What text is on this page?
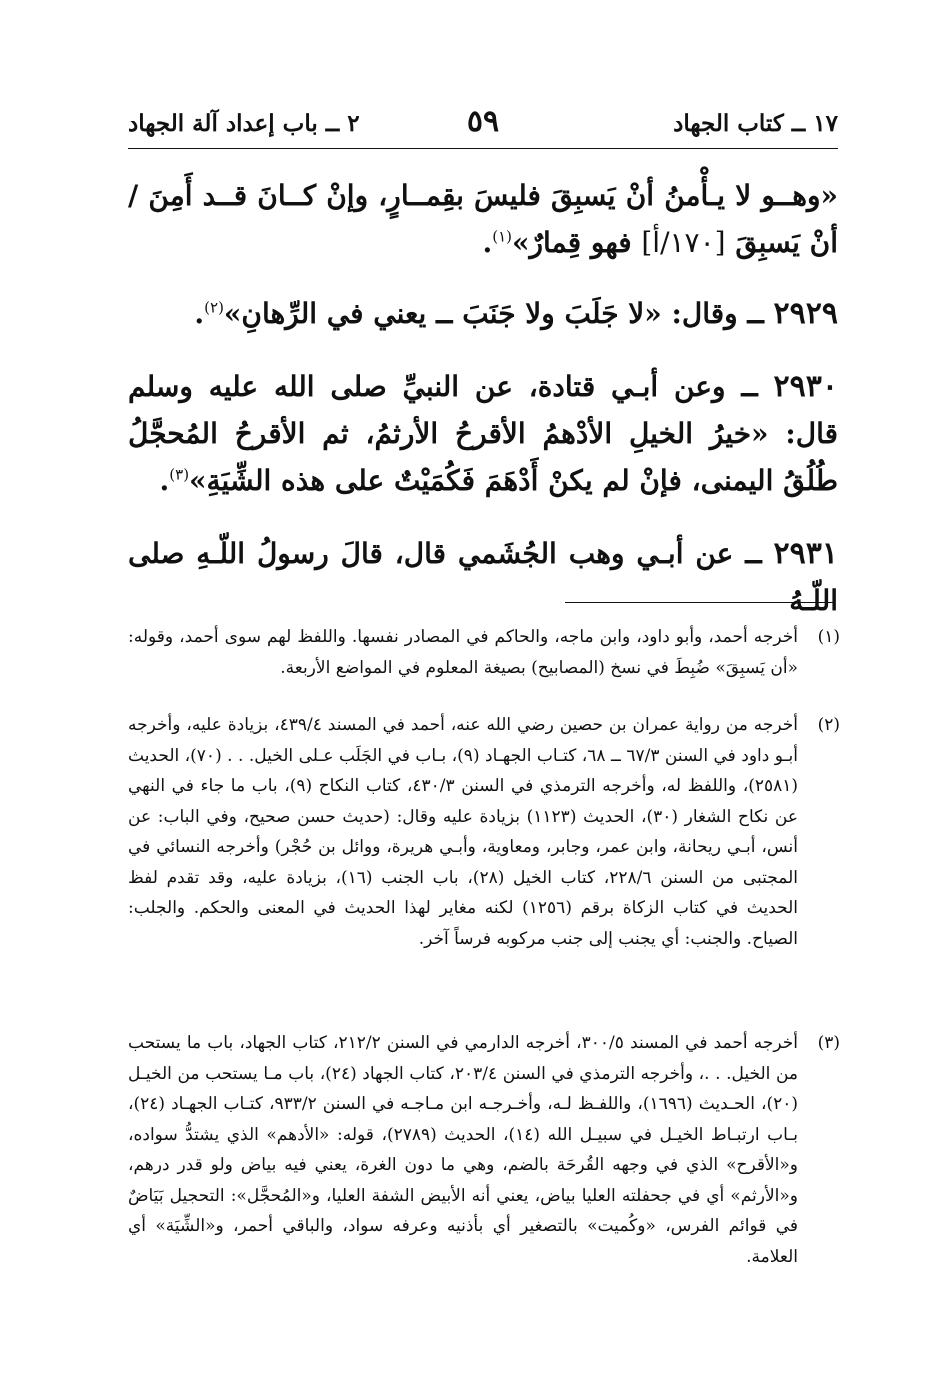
١٧ ــ كتاب الجهاد
٥٩
٢ ــ باب إعداد آلة الجهاد
«وهــو لا يـأْمنُ أنْ يَسبِقَ فليسَ بقِمــارٍ، وإنْ كــانَ قــد أَمِنَ / أنْ يَسبِقَ [١٧٠/أ] فهو قِمارٌ»$^{(١)}$.
٢٩٢٩ ــ وقال: «لا جَلَبَ ولا جَنَبَ ــ يعني في الرِّهانِ»$^{(٢)}$.
٢٩٣٠ ــ وعن أبـي قتادة، عن النبيِّ صلى الله عليه وسلم قال: «خيرُ الخيلِ الأدْهمُ الأقرحُ الأرثمُ، ثم الأقرحُ المُحجَّلُ طُلُقُ اليمنى، فإنْ لم يكنْ أَدْهَمَ فَكُمَيْتٌ على هذه الشِّيَةِ»$^{(٣)}$.
٢٩٣١ ــ عن أبـي وهب الجُشَمي قال، قالَ رسولُ اللّـهِ صلى اللّـهُ
(١)
أخرجه أحمد، وأبو داود، وابن ماجه، والحاكم في المصادر نفسها. واللفظ لهم سوى أحمد، وقوله: «أن يَسبِقَ» ضُبِطَ في نسخ (المصابيح) بصيغة المعلوم في المواضع الأربعة.
(٢)
أخرجه من رواية عمران بن حصين رضي الله عنه، أحمد في المسند ٤٣٩/٤، بزيادة عليه، وأخرجه أبـو داود في السنن ٦٧/٣ ــ ٦٨، كتـاب الجهـاد (٩)، بـاب في الجَلَب عـلى الخيل. . . (٧٠)، الحديث (٢٥٨١)، واللفظ له، وأخرجه الترمذي في السنن ٤٣٠/٣، كتاب النكاح (٩)، باب ما جاء في النهي عن نكاح الشغار (٣٠)، الحديث (١١٢٣) بزيادة عليه وقال: (حديث حسن صحيح، وفي الباب: عن أنس، أبـي ريحانة، وابن عمر، وجابر، ومعاوية، وأبـي هريرة، ووائل بن حُجْر) وأخرجه النسائي في المجتبى من السنن ٢٢٨/٦، كتاب الخيل (٢٨)، باب الجنب (١٦)، بزيادة عليه، وقد تقدم لفظ الحديث في كتاب الزكاة برقم (١٢٥٦) لكنه مغاير لهذا الحديث في المعنى والحكم. والجلب: الصياح. والجنب: أي يجنب إلى جنب مركوبه فرساً آخر.
(٣)
أخرجه أحمد في المسند ٣٠٠/٥، أخرجه الدارمي في السنن ٢١٢/٢، كتاب الجهاد، باب ما يستحب من الخيل. . .، وأخرجه الترمذي في السنن ٢٠٣/٤، كتاب الجهاد (٢٤)، باب مـا يستحب من الخيـل (٢٠)، الحـديث (١٦٩٦)، واللفـظ لـه، وأخـرجـه ابن مـاجـه في السنن ٩٣٣/٢، كتـاب الجهـاد (٢٤)، بـاب ارتبـاط الخيـل في سبيـل الله (١٤)، الحديث (٢٧٨٩)، قوله: «الأدهم» الذي يشتدُّ سواده، و«الأقرح» الذي في وجهه القُرحَة بالضم، وهي ما دون الغرة، يعني فيه بياض ولو قدر درهم، و«الأرثم» أي في جحفلته العليا بياض، يعني أنه الأبيض الشفة العليا، و«المُحجَّل»: التحجيل بَيَاضٌ في قوائم الفرس، «وكُميت» بالتصغير أي بأذنيه وعرفه سواد، والباقي أحمر، و«الشِّيَة» أي العلامة.
